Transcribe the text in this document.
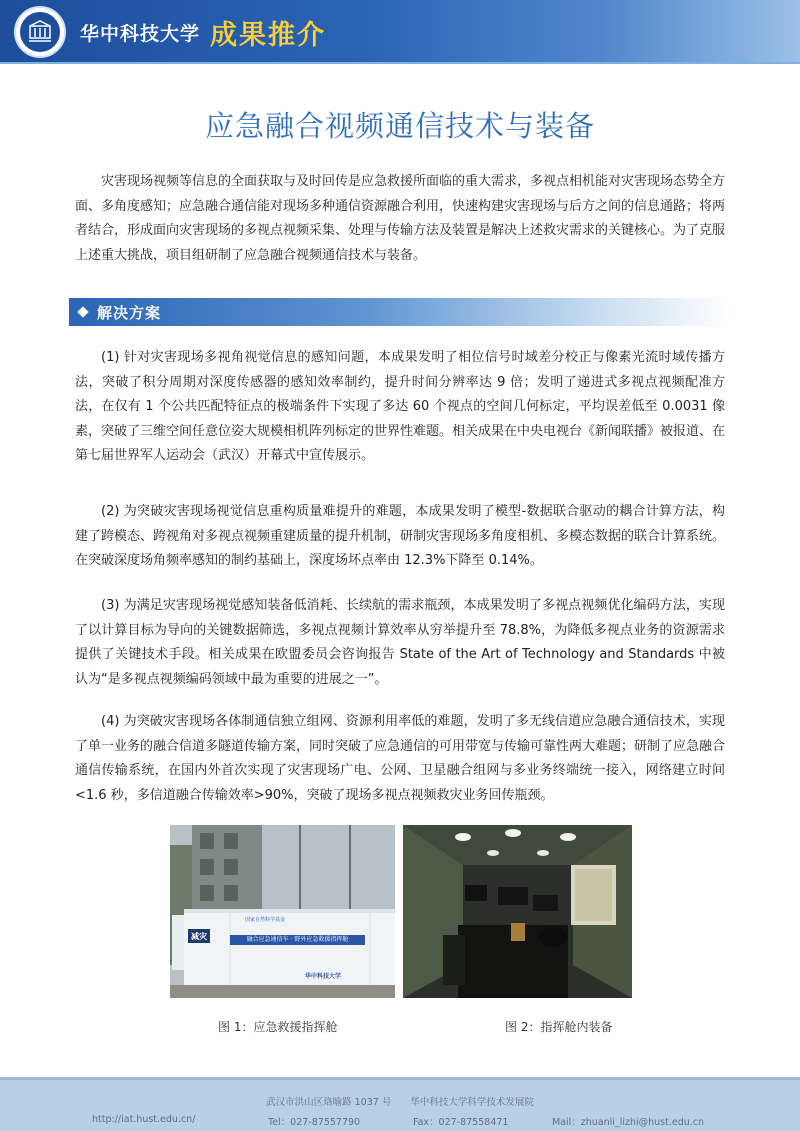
华中科技大学 成果推介
应急融合视频通信技术与装备
灾害现场视频等信息的全面获取与及时回传是应急救援所面临的重大需求，多视点相机能对灾害现场态势全方面、多角度感知；应急融合通信能对现场多种通信资源融合利用，快速构建灾害现场与后方之间的信息通路；将两者结合，形成面向灾害现场的多视点视频采集、处理与传输方法及装置是解决上述救灾需求的关键核心。为了克服上述重大挑战，项目组研制了应急融合视频通信技术与装备。
解决方案
(1) 针对灾害现场多视角视觉信息的感知问题，本成果发明了相位信号时域差分校正与像素光流时域传播方法，突破了积分周期对深度传感器的感知效率制约，提升时间分辨率达 9 倍；发明了递进式多视点视频配准方法，在仅有 1 个公共匹配特征点的极端条件下实现了多达 60 个视点的空间几何标定，平均误差低至 0.0031 像素，突破了三维空间任意位姿大规模相机阵列标定的世界性难题。相关成果在中央电视台《新闻联播》被报道、在第七届世界军人运动会（武汉）开幕式中宣传展示。
(2) 为突破灾害现场视觉信息重构质量难提升的难题，本成果发明了模型-数据联合驱动的耦合计算方法，构建了跨模态、跨视角对多视点视频重建质量的提升机制，研制灾害现场多角度相机、多模态数据的联合计算系统。在突破深度场角频率感知的制约基础上，深度场坏点率由 12.3%下降至 0.14%。
(3) 为满足灾害现场视觉感知装备低消耗、长续航的需求瓶颈，本成果发明了多视点视频优化编码方法，实现了以计算目标为导向的关键数据筛选，多视点视频计算效率从穷举提升至 78.8%，为降低多视点业务的资源需求提供了关键技术手段。相关成果在欧盟委员会咨询报告 State of the Art of Technology and Standards 中被认为“是多视点视频编码领域中最为重要的进展之一”。
(4) 为突破灾害现场各体制通信独立组网、资源利用率低的难题，发明了多无线信道应急融合通信技术，实现了单一业务的融合信道多隧道传输方案，同时突破了应急通信的可用带宽与传输可靠性两大难题；研制了应急融合通信传输系统，在国内外首次实现了灾害现场广电、公网、卫星融合组网与多业务终端统一接入，网络建立时间<1.6 秒，多信道融合传输效率>90%，突破了现场多视点视频救灾业务回传瓶颈。
国家自然科学基金
减灾	融合应急通信车 · 野外应急救援指挥舱
华中科技大学
图 1：应急救援指挥舱	图 2：指挥舱内装备
武汉市洪山区珞喻路 1037 号　　华中科技大学科学技术发展院
http://iat.hust.edu.cn/	Tel：027-87557790	Fax：027-87558471	Mail：zhuanli_lizhi@hust.edu.cn
